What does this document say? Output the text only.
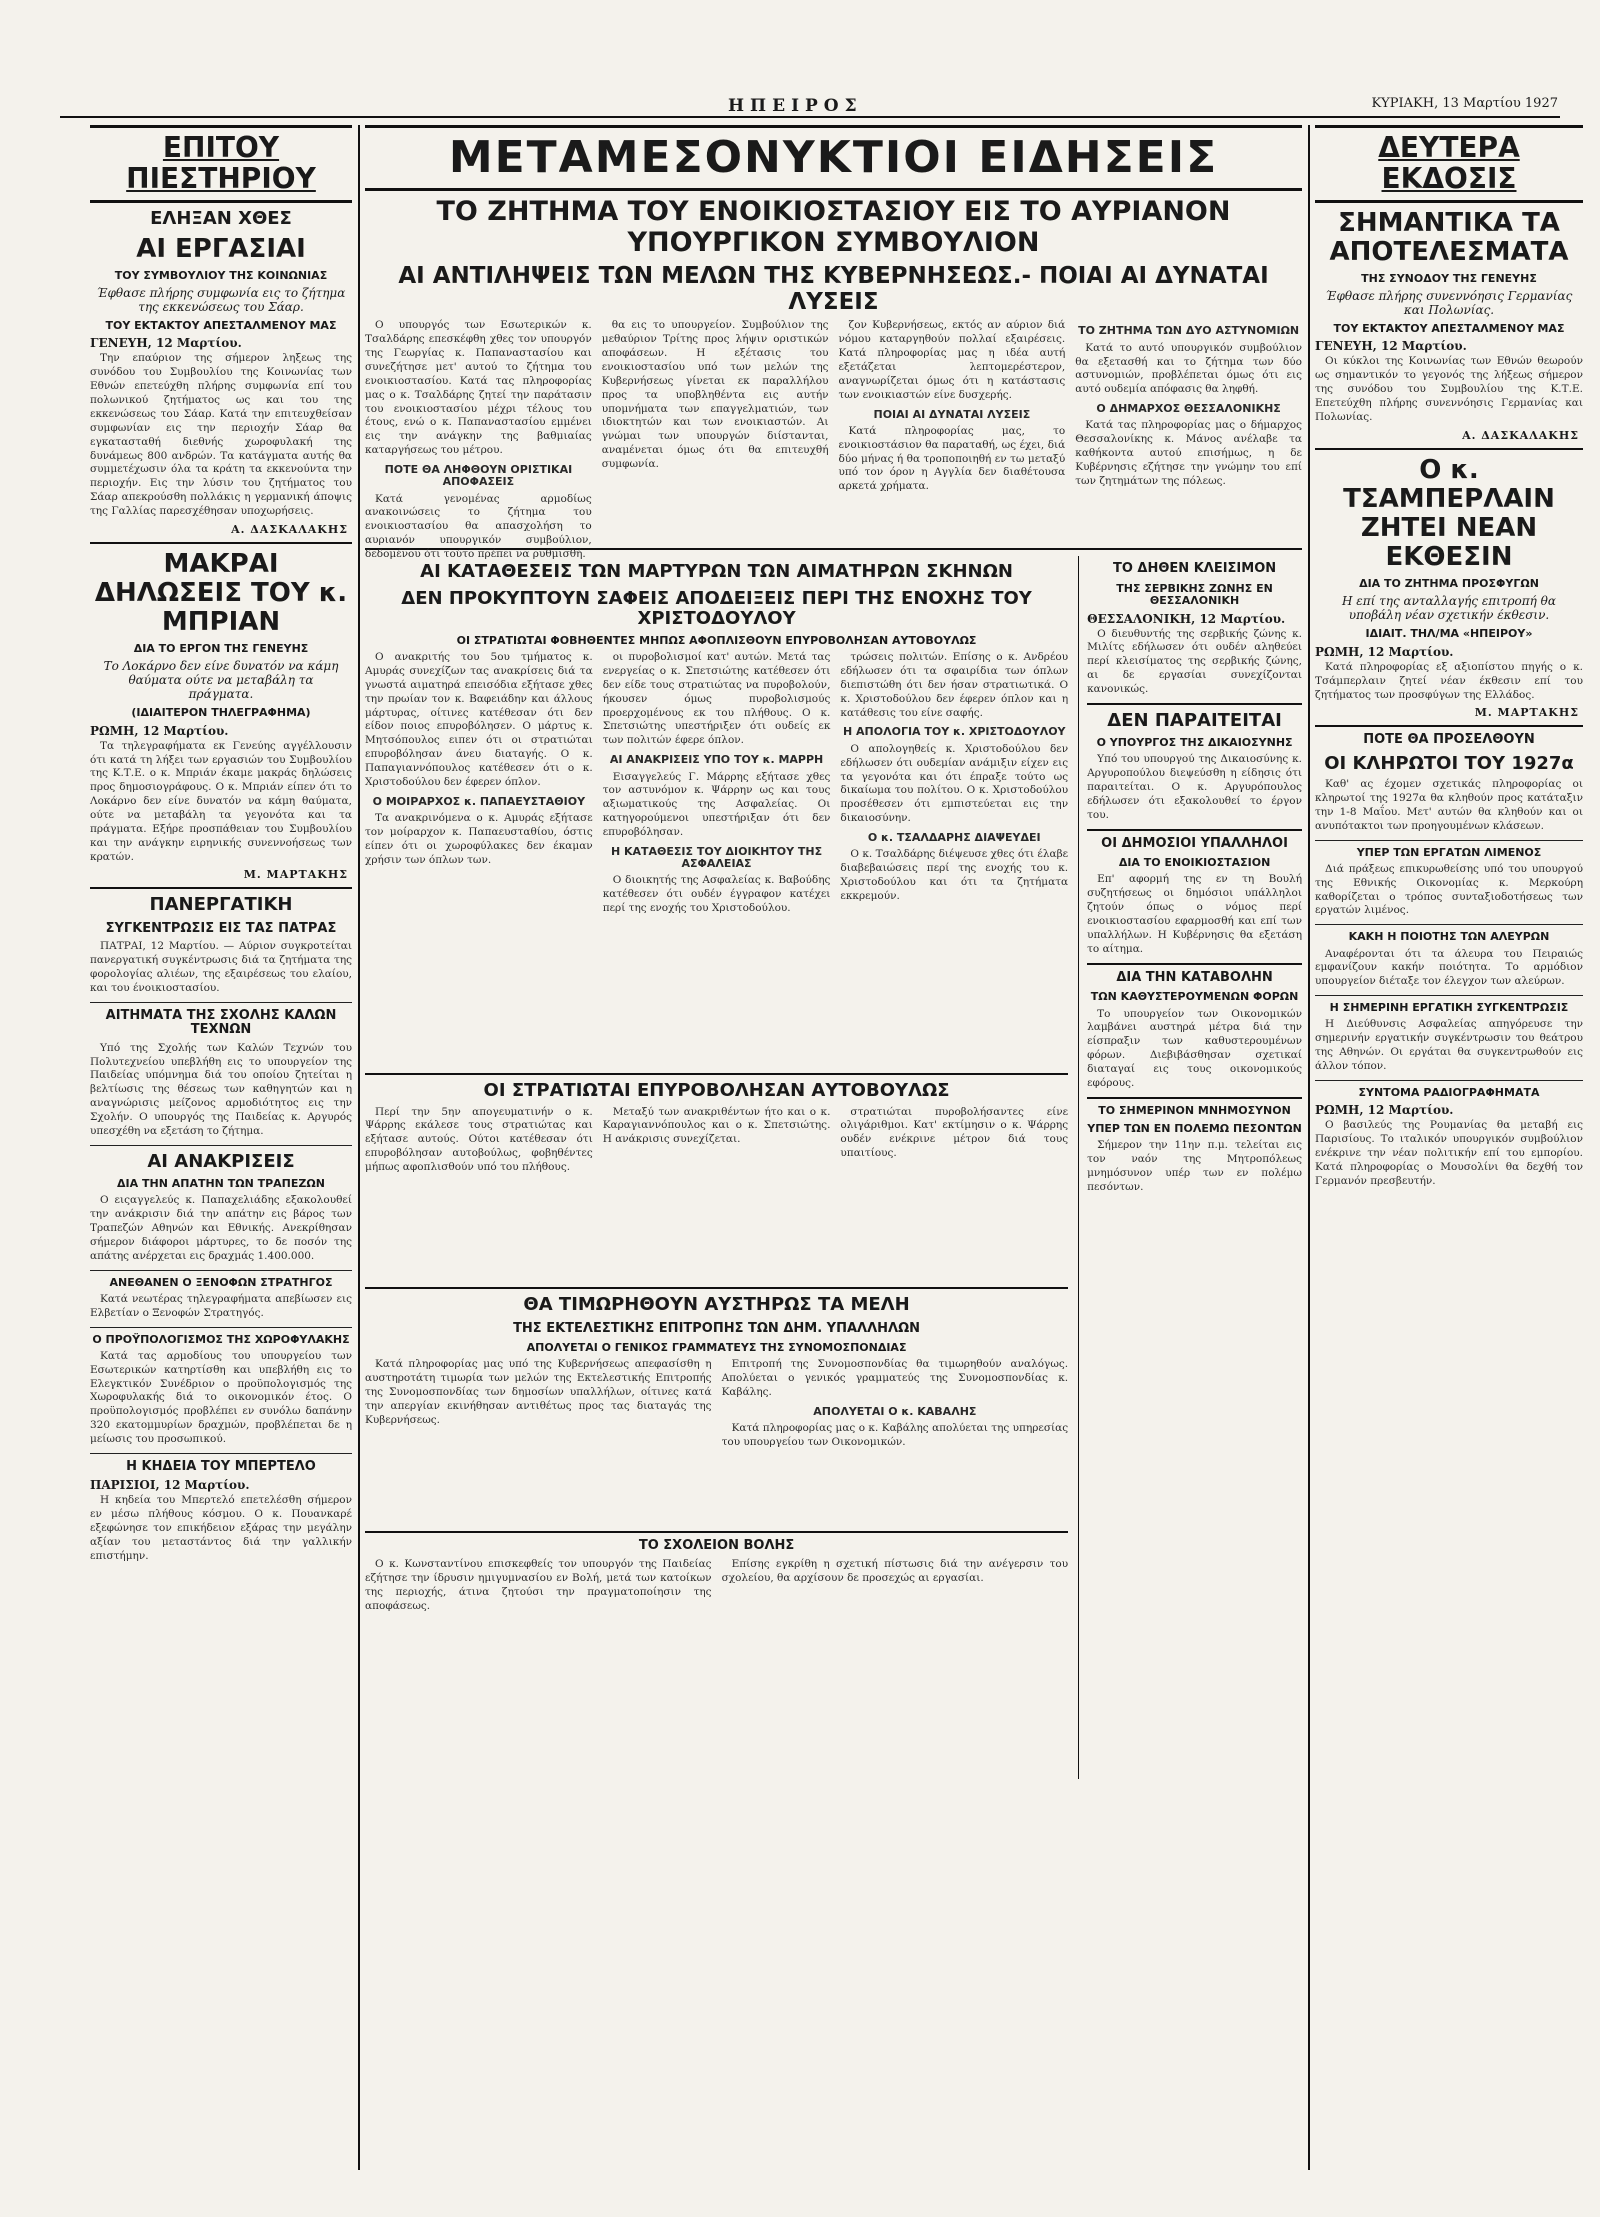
ΗΠΕΙΡΟΣ	ΚΥΡΙΑΚΗ, 13 Μαρτίου 1927
ΕΠΙΤΟΥ ΠΙΕΣΤΗΡΙΟΥ
ΕΛΗΞΑΝ ΧΘΕΣ
ΑΙ ΕΡΓΑΣΙΑΙ
ΤΟΥ ΣΥΜΒΟΥΛΙΟΥ ΤΗΣ ΚΟΙΝΩΝΙΑΣ
Έφθασε πλήρης συμφωνία εις το ζήτημα της εκκενώσεως του Σάαρ.
ΤΟΥ ΕΚΤΑΚΤΟΥ ΑΠΕΣΤΑΛΜΕΝΟΥ ΜΑΣ
ΓΕΝΕΥΗ, 12 Μαρτίου.

Την επαύριον της σήμερον ληξεως της συνόδου του Συμβουλίου της Κοινωνίας των Εθνών επετεύχθη πλήρης συμφωνία επί του πολωνικού ζητήματος ως και του της εκκενώσεως του Σάαρ. Κατά την επιτευχθείσαν συμφωνίαν εις την περιοχήν Σάαρ θα εγκατασταθή διεθνής χωροφυλακή της δυνάμεως 800 ανδρών. Τα κατάγματα αυτής θα συμμετέχωσιν όλα τα κράτη τα εκκενούντα την περιοχήν. Εις την λύσιν του ζητήματος του Σάαρ απεκρούσθη πολλάκις η γερμανική άποψις της Γαλλίας παρεσχέθησαν υποχωρήσεις.

Α. ΔΑΣΚΑΛΑΚΗΣ
ΜΑΚΡΑΙ ΔΗΛΩΣΕΙΣ ΤΟΥ κ. ΜΠΡΙΑΝ
ΔΙΑ ΤΟ ΕΡΓΟΝ ΤΗΣ ΓΕΝΕΥΗΣ
Το Λοκάρνο δεν είνε δυνατόν να κάμη θαύματα ούτε να μεταβάλη τα πράγματα.
(ΙΔΙΑΙΤΕΡΟΝ ΤΗΛΕΓΡΑΦΗΜΑ)
ΡΩΜΗ, 12 Μαρτίου.

Τα τηλεγραφήματα εκ Γενεύης αγγέλλουσιν ότι κατά τη λήξει των εργασιών του Συμβουλίου της Κ.Τ.Ε. ο κ. Μπριάν έκαμε μακράς δηλώσεις προς δημοσιογράφους. Ο κ. Μπριάν είπεν ότι το Λοκάρνο δεν είνε δυνατόν να κάμη θαύματα, ούτε να μεταβάλη τα γεγονότα και τα πράγματα. Εξήρε προσπάθειαν του Συμβουλίου και την ανάγκην ειρηνικής συνεννοήσεως των κρατών.

Μ. ΜΑΡΤΑΚΗΣ
ΠΑΝΕΡΓΑΤΙΚΗ
ΣΥΓΚΕΝΤΡΩΣΙΣ ΕΙΣ ΤΑΣ ΠΑΤΡΑΣ

ΠΑΤΡΑΙ, 12 Μαρτίου. — Αύριον συγκροτείται πανεργατική συγκέντρωσις διά τα ζητήματα της φορολογίας αλιέων, της εξαιρέσεως του ελαίου, και του ένοικιοστασίου.

ΑΙΤΗΜΑΤΑ ΤΗΣ ΣΧΟΛΗΣ ΚΑΛΩΝ ΤΕΧΝΩΝ

Υπό της Σχολής των Καλών Τεχνών του Πολυτεχνείου υπεβλήθη εις το υπουργείον της Παιδείας υπόμνημα διά του οποίου ζητείται η βελτίωσις της θέσεως των καθηγητών και η αναγνώρισις μείζονος αρμοδιότητος εις την Σχολήν. Ο υπουργός της Παιδείας κ. Αργυρός υπεσχέθη να εξετάση το ζήτημα.

ΑΙ ΑΝΑΚΡΙΣΕΙΣ
ΔΙΑ ΤΗΝ ΑΠΑΤΗΝ ΤΩΝ ΤΡΑΠΕΖΩΝ

Ο ειςαγγελεύς κ. Παπαχελιάδης εξακολουθεί την ανάκρισιν διά την απάτην εις βάρος των Τραπεζών Αθηνών και Εθνικής. Ανεκρίθησαν σήμερον διάφοροι μάρτυρες, το δε ποσόν της απάτης ανέρχεται εις δραχμάς 1.400.000.

ΑΝΕΘΑΝΕΝ Ο ΞΕΝΟΦΩΝ ΣΤΡΑΤΗΓΟΣ

Κατά νεωτέρας τηλεγραφήματα απεβίωσεν εις Ελβετίαν ο Ξενοφών Στρατηγός.

Ο ΠΡΟΫΠΟΛΟΓΙΣΜΟΣ ΤΗΣ ΧΩΡΟΦΥΛΑΚΗΣ

Κατά τας αρμοδίους του υπουργείου των Εσωτερικών κατηρτίσθη και υπεβλήθη εις το Ελεγκτικόν Συνέδριον ο προϋπολογισμός της Χωροφυλακής διά το οικονομικόν έτος. Ο προϋπολογισμός προβλέπει εν συνόλω δαπάνην 320 εκατομμυρίων δραχμών, προβλέπεται δε η μείωσις του προσωπικού.

Η ΚΗΔΕΙΑ ΤΟΥ ΜΠΕΡΤΕΛΟ
ΠΑΡΙΣΙΟΙ, 12 Μαρτίου.

Η κηδεία του Μπερτελό επετελέσθη σήμερον εν μέσω πλήθους κόσμου. Ο κ. Πουανκαρέ εξεφώνησε τον επικήδειον εξάρας την μεγάλην αξίαν του μεταστάντος διά την γαλλικήν επιστήμην.

ΜΕΤΑΜΕΣΟΝΥΚΤΙΟΙ ΕΙΔΗΣΕΙΣ
ΤΟ ΖΗΤΗΜΑ ΤΟΥ ΕΝΟΙΚΙΟΣΤΑΣΙΟΥ ΕΙΣ ΤΟ ΑΥΡΙΑΝΟΝ ΥΠΟΥΡΓΙΚΟΝ ΣΥΜΒΟΥΛΙΟΝ
ΑΙ ΑΝΤΙΛΗΨΕΙΣ ΤΩΝ ΜΕΛΩΝ ΤΗΣ ΚΥΒΕΡΝΗΣΕΩΣ.- ΠΟΙΑΙ ΑΙ ΔΥΝΑΤΑΙ ΛΥΣΕΙΣ

Ο υπουργός των Εσωτερικών κ. Τσαλδάρης επεσκέφθη χθες τον υπουργόν της Γεωργίας κ. Παπαναστασίου και συνεζήτησε μετ' αυτού το ζήτημα του ενοικιοστασίου. Κατά τας πληροφορίας μας ο κ. Τσαλδάρης ζητεί την παράτασιν του ενοικιοστασίου μέχρι τέλους του έτους, ενώ ο κ. Παπαναστασίου εμμένει εις την ανάγκην της βαθμιαίας καταργήσεως του μέτρου.

ΠΟΤΕ ΘΑ ΛΗΦΘΟΥΝ ΟΡΙΣΤΙΚΑΙ ΑΠΟΦΑΣΕΙΣ

Κατά γενομένας αρμοδίως ανακοινώσεις το ζήτημα του ενοικιοστασίου θα απασχολήση το αυριανόν υπουργικόν συμβούλιον, δεδομένου ότι τούτο πρέπει να ρυθμισθή.

θα εις το υπουργείον. Συμβούλιον της μεθαύριον Τρίτης προς λήψιν οριστικών αποφάσεων. Η εξέτασις του ενοικιοστασίου υπό των μελών της Κυβερνήσεως γίνεται εκ παραλλήλου προς τα υποβληθέντα εις αυτήν υπομνήματα των επαγγελματιών, των ιδιοκτητών και των ενοικιαστών. Αι γνώμαι των υπουργών διίστανται, αναμένεται όμως ότι θα επιτευχθή συμφωνία.

ζον Κυβερνήσεως, εκτός αν αύριον διά νόμου καταργηθούν πολλαί εξαιρέσεις. Κατά πληροφορίας μας η ιδέα αυτή εξετάζεται λεπτομερέστερον, αναγνωρίζεται όμως ότι η κατάστασις των ενοικιαστών είνε δυσχερής.

ΠΟΙΑΙ ΑΙ ΔΥΝΑΤΑΙ ΛΥΣΕΙΣ

Κατά πληροφορίας μας, το ενοικιοστάσιον θα παραταθή, ως έχει, διά δύο μήνας ή θα τροποποιηθή εν τω μεταξύ υπό τον όρον η Αγγλία δεν διαθέτουσα αρκετά χρήματα.

ΤΟ ΖΗΤΗΜΑ ΤΩΝ ΔΥΟ ΑΣΤΥΝΟΜΙΩΝ

Κατά το αυτό υπουργικόν συμβούλιον θα εξετασθή και το ζήτημα των δύο αστυνομιών, προβλέπεται όμως ότι εις αυτό ουδεμία απόφασις θα ληφθή.

Ο ΔΗΜΑΡΧΟΣ ΘΕΣΣΑΛΟΝΙΚΗΣ

Κατά τας πληροφορίας μας ο δήμαρχος Θεσσαλονίκης κ. Μάνος ανέλαβε τα καθήκοντα αυτού επισήμως, η δε Κυβέρνησις εζήτησε την γνώμην του επί των ζητημάτων της πόλεως.

ΑΙ ΚΑΤΑΘΕΣΕΙΣ ΤΩΝ ΜΑΡΤΥΡΩΝ ΤΩΝ ΑΙΜΑΤΗΡΩΝ ΣΚΗΝΩΝ
ΔΕΝ ΠΡΟΚΥΠΤΟΥΝ ΣΑΦΕΙΣ ΑΠΟΔΕΙΞΕΙΣ ΠΕΡΙ ΤΗΣ ΕΝΟΧΗΣ ΤΟΥ ΧΡΙΣΤΟΔΟΥΛΟΥ
ΟΙ ΣΤΡΑΤΙΩΤΑΙ ΦΟΒΗΘΕΝΤΕΣ ΜΗΠΩΣ ΑΦΟΠΛΙΣΘΟΥΝ ΕΠΥΡΟΒΟΛΗΣΑΝ ΑΥΤΟΒΟΥΛΩΣ

Ο ανακριτής του 5ου τμήματος κ. Αμυράς συνεχίζων τας ανακρίσεις διά τα γνωστά αιματηρά επεισόδια εξήτασε χθες την πρωίαν τον κ. Βαφειάδην και άλλους μάρτυρας, οίτινες κατέθεσαν ότι δεν είδον ποιος επυροβόλησεν. Ο μάρτυς κ. Μητσόπουλος ειπεν ότι οι στρατιώται επυροβόλησαν άνευ διαταγής. Ο κ. Παπαγιαννόπουλος κατέθεσεν ότι ο κ. Χριστοδούλου δεν έφερεν όπλον.

Ο ΜΟΙΡΑΡΧΟΣ κ. ΠΑΠΑΕΥΣΤΑΘΙΟΥ

Τα ανακρινόμενα ο κ. Αμυράς εξήτασε τον μοίραρχον κ. Παπαευσταθίου, όστις είπεν ότι οι χωροφύλακες δεν έκαμαν χρήσιν των όπλων των.

οι πυροβολισμοί κατ' αυτών. Μετά τας ενεργείας ο κ. Σπετσιώτης κατέθεσεν ότι δεν είδε τους στρατιώτας να πυροβολούν, ήκουσεν όμως πυροβολισμούς προερχομένους εκ του πλήθους. Ο κ. Σπετσιώτης υπεστήριξεν ότι ουδείς εκ των πολιτών έφερε όπλον.

ΑΙ ΑΝΑΚΡΙΣΕΙΣ ΥΠΟ ΤΟΥ κ. ΜΑΡΡΗ

Εισαγγελεύς Γ. Μάρρης εξήτασε χθες τον αστυνόμον κ. Ψάρρην ως και τους αξιωματικούς της Ασφαλείας. Οι κατηγορούμενοι υπεστήριξαν ότι δεν επυροβόλησαν.

Η ΚΑΤΑΘΕΣΙΣ ΤΟΥ ΔΙΟΙΚΗΤΟΥ ΤΗΣ ΑΣΦΑΛΕΙΑΣ

Ο διοικητής της Ασφαλείας κ. Βαβούδης κατέθεσεν ότι ουδέν έγγραφον κατέχει περί της ενοχής του Χριστοδούλου.

τρώσεις πολιτών. Επίσης ο κ. Ανδρέου εδήλωσεν ότι τα σφαιρίδια των όπλων διεπιστώθη ότι δεν ήσαν στρατιωτικά. Ο κ. Χριστοδούλου δεν έφερεν όπλον και η κατάθεσις του είνε σαφής.

Η ΑΠΟΛΟΓΙΑ ΤΟΥ κ. ΧΡΙΣΤΟΔΟΥΛΟΥ

Ο απολογηθείς κ. Χριστοδούλου δεν εδήλωσεν ότι ουδεμίαν ανάμιξιν είχεν εις τα γεγονότα και ότι έπραξε τούτο ως δικαίωμα του πολίτου. Ο κ. Χριστοδούλου προσέθεσεν ότι εμπιστεύεται εις την δικαιοσύνην.

Ο κ. ΤΣΑΛΔΑΡΗΣ ΔΙΑΨΕΥΔΕΙ

Ο κ. Τσαλδάρης διέψευσε χθες ότι έλαβε διαβεβαιώσεις περί της ενοχής του κ. Χριστοδούλου και ότι τα ζητήματα εκκρεμούν.

ΟΙ ΣΤΡΑΤΙΩΤΑΙ ΕΠΥΡΟΒΟΛΗΣΑΝ ΑΥΤΟΒΟΥΛΩΣ

Περί την 5ην απογευματινήν ο κ. Ψάρρης εκάλεσε τους στρατιώτας και εξήτασε αυτούς. Ούτοι κατέθεσαν ότι επυροβόλησαν αυτοβούλως, φοβηθέντες μήπως αφοπλισθούν υπό του πλήθους.

Μεταξύ των ανακριθέντων ήτο και ο κ. Καραγιαννόπουλος και ο κ. Σπετσιώτης. Η ανάκρισις συνεχίζεται.

στρατιώται πυροβολήσαντες είνε ολιγάριθμοι. Κατ' εκτίμησιν ο κ. Ψάρρης ουδέν ενέκρινε μέτρον διά τους υπαιτίους.

ΘΑ ΤΙΜΩΡΗΘΟΥΝ ΑΥΣΤΗΡΩΣ ΤΑ ΜΕΛΗ
ΤΗΣ ΕΚΤΕΛΕΣΤΙΚΗΣ ΕΠΙΤΡΟΠΗΣ ΤΩΝ ΔΗΜ. ΥΠΑΛΛΗΛΩΝ
ΑΠΟΛΥΕΤΑΙ Ο ΓΕΝΙΚΟΣ ΓΡΑΜΜΑΤΕΥΣ ΤΗΣ ΣΥΝΟΜΟΣΠΟΝΔΙΑΣ

Κατά πληροφορίας μας υπό της Κυβερνήσεως απεφασίσθη η αυστηροτάτη τιμωρία των μελών της Εκτελεστικής Επιτροπής της Συνομοσπονδίας των δημοσίων υπαλλήλων, οίτινες κατά την απεργίαν εκινήθησαν αντιθέτως προς τας διαταγάς της Κυβερνήσεως.

Επιτροπή της Συνομοσπονδίας θα τιμωρηθούν αναλόγως. Απολύεται ο γενικός γραμματεύς της Συνομοσπονδίας κ. Καβάλης.

ΑΠΟΛΥΕΤΑΙ Ο κ. ΚΑΒΑΛΗΣ

Κατά πληροφορίας μας ο κ. Καβάλης απολύεται της υπηρεσίας του υπουργείου των Οικονομικών.

ΤΟ ΣΧΟΛΕΙΟΝ ΒΟΛΗΣ

Ο κ. Κωνσταντίνου επισκεφθείς τον υπουργόν της Παιδείας εζήτησε την ίδρυσιν ημιγυμνασίου εν Βολή, μετά των κατοίκων της περιοχής, άτινα ζητούσι την πραγματοποίησιν της αποφάσεως.

Επίσης εγκρίθη η σχετική πίστωσις διά την ανέγερσιν του σχολείου, θα αρχίσουν δε προσεχώς αι εργασίαι.

ΤΟ ΔΗΘΕΝ ΚΛΕΙΣΙΜΟΝ
ΤΗΣ ΣΕΡΒΙΚΗΣ ΖΩΝΗΣ ΕΝ ΘΕΣΣΑΛΟΝΙΚΗ
ΘΕΣΣΑΛΟΝΙΚΗ, 12 Μαρτίου.

Ο διευθυντής της σερβικής ζώνης κ. Μιλίτς εδήλωσεν ότι ουδέν αληθεύει περί κλεισίματος της σερβικής ζώνης, αι δε εργασίαι συνεχίζονται κανονικώς.

ΔΕΝ ΠΑΡΑΙΤΕΙΤΑΙ
Ο ΥΠΟΥΡΓΟΣ ΤΗΣ ΔΙΚΑΙΟΣΥΝΗΣ

Υπό του υπουργού της Δικαιοσύνης κ. Αργυροπούλου διεψεύσθη η είδησις ότι παραιτείται. Ο κ. Αργυρόπουλος εδήλωσεν ότι εξακολουθεί το έργον του.

ΟΙ ΔΗΜΟΣΙΟΙ ΥΠΑΛΛΗΛΟΙ
ΔΙΑ ΤΟ ΕΝΟΙΚΙΟΣΤΑΣΙΟΝ

Επ' αφορμή της εν τη Βουλή συζητήσεως οι δημόσιοι υπάλληλοι ζητούν όπως ο νόμος περί ενοικιοστασίου εφαρμοσθή και επί των υπαλλήλων. Η Κυβέρνησις θα εξετάση το αίτημα.

ΔΙΑ ΤΗΝ ΚΑΤΑΒΟΛΗΝ
ΤΩΝ ΚΑΘΥΣΤΕΡΟΥΜΕΝΩΝ ΦΟΡΩΝ

Το υπουργείον των Οικονομικών λαμβάνει αυστηρά μέτρα διά την είσπραξιν των καθυστερουμένων φόρων. Διεβιβάσθησαν σχετικαί διαταγαί εις τους οικονομικούς εφόρους.

ΤΟ ΣΗΜΕΡΙΝΟΝ ΜΝΗΜΟΣΥΝΟΝ
ΥΠΕΡ ΤΩΝ ΕΝ ΠΟΛΕΜΩ ΠΕΣΟΝΤΩΝ

Σήμερον την 11ην π.μ. τελείται εις τον ναόν της Μητροπόλεως μνημόσυνον υπέρ των εν πολέμω πεσόντων.

ΔΕΥΤΕΡΑ ΕΚΔΟΣΙΣ
ΣΗΜΑΝΤΙΚΑ ΤΑ ΑΠΟΤΕΛΕΣΜΑΤΑ
ΤΗΣ ΣΥΝΟΔΟΥ ΤΗΣ ΓΕΝΕΥΗΣ
Έφθασε πλήρης συνεννόησις Γερμανίας και Πολωνίας.
ΤΟΥ ΕΚΤΑΚΤΟΥ ΑΠΕΣΤΑΛΜΕΝΟΥ ΜΑΣ
ΓΕΝΕΥΗ, 12 Μαρτίου.

Οι κύκλοι της Κοινωνίας των Εθνών θεωρούν ως σημαντικόν το γεγονός της λήξεως σήμερον της συνόδου του Συμβουλίου της Κ.Τ.Ε. Επετεύχθη πλήρης συνεννόησις Γερμανίας και Πολωνίας.

Α. ΔΑΣΚΑΛΑΚΗΣ
Ο κ. ΤΣΑΜΠΕΡΛΑΙΝ ΖΗΤΕΙ ΝΕΑΝ ΕΚΘΕΣΙΝ
ΔΙΑ ΤΟ ΖΗΤΗΜΑ ΠΡΟΣΦΥΓΩΝ
Η επί της ανταλλαγής επιτροπή θα υποβάλη νέαν σχετικήν έκθεσιν.
ΙΔΙΑΙΤ. ΤΗΛ/ΜΑ «ΗΠΕΙΡΟΥ»
ΡΩΜΗ, 12 Μαρτίου.

Κατά πληροφορίας εξ αξιοπίστου πηγής ο κ. Τσάμπερλαιν ζητεί νέαν έκθεσιν επί του ζητήματος των προσφύγων της Ελλάδος.

Μ. ΜΑΡΤΑΚΗΣ
ΠΟΤΕ ΘΑ ΠΡΟΣΕΛΘΟΥΝ
ΟΙ ΚΛΗΡΩΤΟΙ ΤΟΥ 1927α

Καθ' ας έχομεν σχετικάς πληροφορίας οι κληρωτοί της 1927α θα κληθούν προς κατάταξιν την 1-8 Μαΐου. Μετ' αυτών θα κληθούν και οι ανυπότακτοι των προηγουμένων κλάσεων.

ΥΠΕΡ ΤΩΝ ΕΡΓΑΤΩΝ ΛΙΜΕΝΟΣ

Διά πράξεως επικυρωθείσης υπό του υπουργού της Εθνικής Οικονομίας κ. Μερκούρη καθορίζεται ο τρόπος συνταξιοδοτήσεως των εργατών λιμένος.

ΚΑΚΗ Η ΠΟΙΟΤΗΣ ΤΩΝ ΑΛΕΥΡΩΝ

Αναφέρονται ότι τα άλευρα του Πειραιώς εμφανίζουν κακήν ποιότητα. Το αρμόδιον υπουργείον διέταξε τον έλεγχον των αλεύρων.

Η ΣΗΜΕΡΙΝΗ ΕΡΓΑΤΙΚΗ ΣΥΓΚΕΝΤΡΩΣΙΣ

Η Διεύθυνσις Ασφαλείας απηγόρευσε την σημερινήν εργατικήν συγκέντρωσιν του θεάτρου της Αθηνών. Οι εργάται θα συγκεντρωθούν εις άλλον τόπον.

ΣΥΝΤΟΜΑ ΡΑΔΙΟΓΡΑΦΗΜΑΤΑ
ΡΩΜΗ, 12 Μαρτίου.

Ο βασιλεύς της Ρουμανίας θα μεταβή εις Παρισίους. Το ιταλικόν υπουργικόν συμβούλιον ενέκρινε την νέαν πολιτικήν επί του εμπορίου. Κατά πληροφορίας ο Μουσολίνι θα δεχθή τον Γερμανόν πρεσβευτήν.
